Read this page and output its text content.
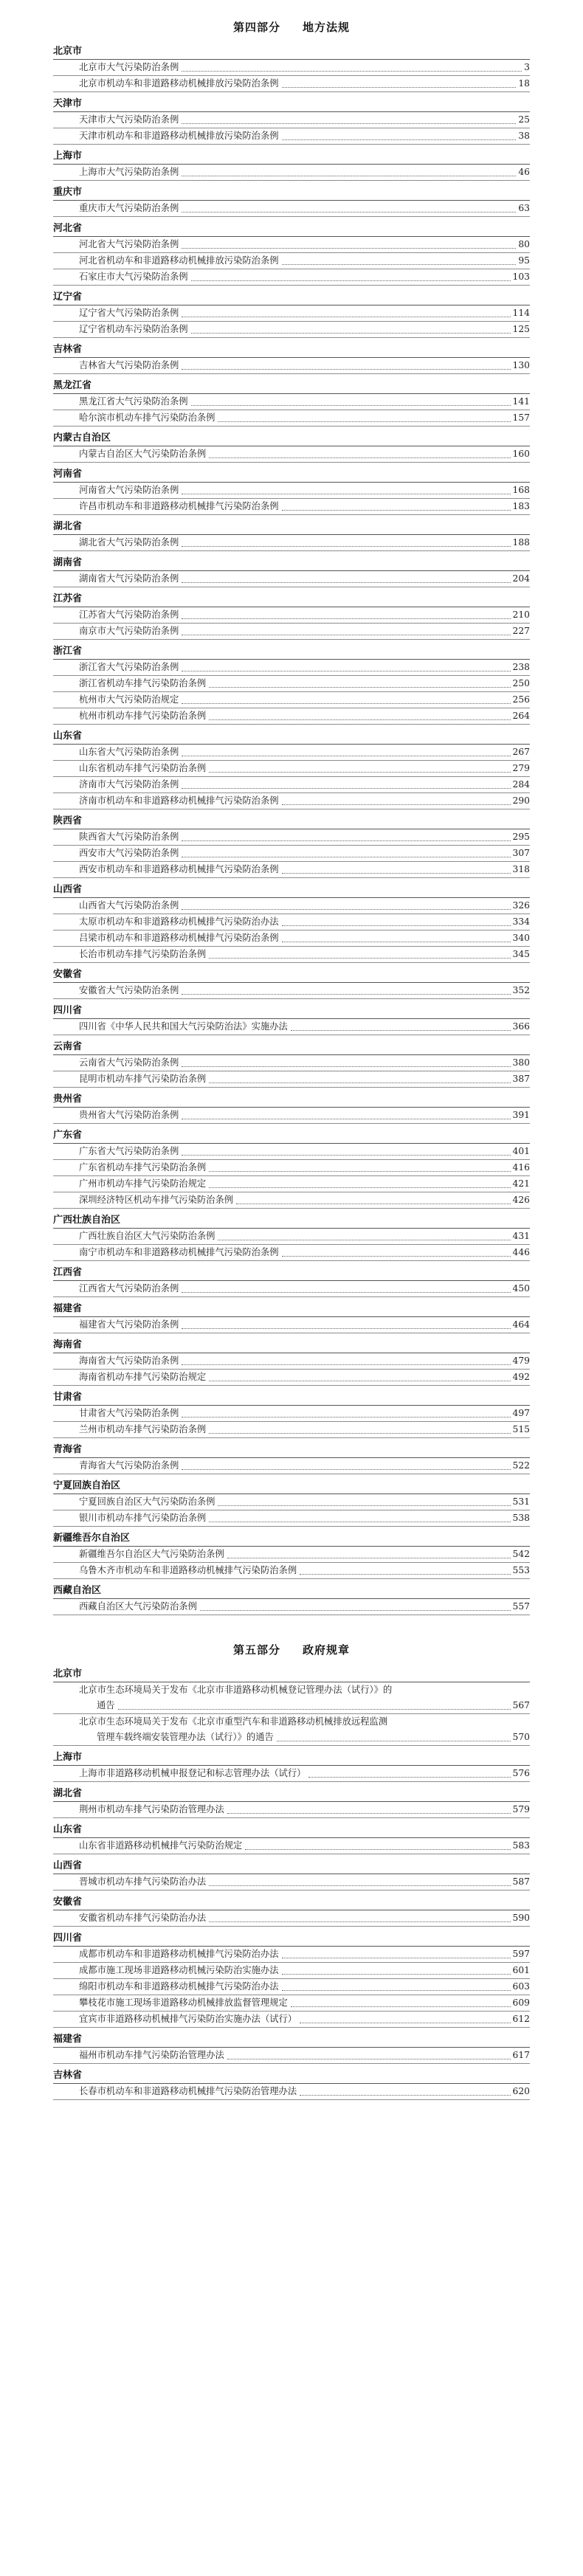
第四部分 地方法规
北京市
北京市大气污染防治条例	3
北京市机动车和非道路移动机械排放污染防治条例	18
天津市
天津市大气污染防治条例	25
天津市机动车和非道路移动机械排放污染防治条例	38
上海市
上海市大气污染防治条例	46
重庆市
重庆市大气污染防治条例	63
河北省
河北省大气污染防治条例	80
河北省机动车和非道路移动机械排放污染防治条例	95
石家庄市大气污染防治条例	103
辽宁省
辽宁省大气污染防治条例	114
辽宁省机动车污染防治条例	125
吉林省
吉林省大气污染防治条例	130
黑龙江省
黑龙江省大气污染防治条例	141
哈尔滨市机动车排气污染防治条例	157
内蒙古自治区
内蒙古自治区大气污染防治条例	160
河南省
河南省大气污染防治条例	168
许昌市机动车和非道路移动机械排气污染防治条例	183
湖北省
湖北省大气污染防治条例	188
湖南省
湖南省大气污染防治条例	204
江苏省
江苏省大气污染防治条例	210
南京市大气污染防治条例	227
浙江省
浙江省大气污染防治条例	238
浙江省机动车排气污染防治条例	250
杭州市大气污染防治规定	256
杭州市机动车排气污染防治条例	264
山东省
山东省大气污染防治条例	267
山东省机动车排气污染防治条例	279
济南市大气污染防治条例	284
济南市机动车和非道路移动机械排气污染防治条例	290
陕西省
陕西省大气污染防治条例	295
西安市大气污染防治条例	307
西安市机动车和非道路移动机械排气污染防治条例	318
山西省
山西省大气污染防治条例	326
太原市机动车和非道路移动机械排气污染防治办法	334
吕梁市机动车和非道路移动机械排气污染防治条例	340
长治市机动车排气污染防治条例	345
安徽省
安徽省大气污染防治条例	352
四川省
四川省《中华人民共和国大气污染防治法》实施办法	366
云南省
云南省大气污染防治条例	380
昆明市机动车排气污染防治条例	387
贵州省
贵州省大气污染防治条例	391
广东省
广东省大气污染防治条例	401
广东省机动车排气污染防治条例	416
广州市机动车排气污染防治规定	421
深圳经济特区机动车排气污染防治条例	426
广西壮族自治区
广西壮族自治区大气污染防治条例	431
南宁市机动车和非道路移动机械排气污染防治条例	446
江西省
江西省大气污染防治条例	450
福建省
福建省大气污染防治条例	464
海南省
海南省大气污染防治条例	479
海南省机动车排气污染防治规定	492
甘肃省
甘肃省大气污染防治条例	497
兰州市机动车排气污染防治条例	515
青海省
青海省大气污染防治条例	522
宁夏回族自治区
宁夏回族自治区大气污染防治条例	531
银川市机动车排气污染防治条例	538
新疆维吾尔自治区
新疆维吾尔自治区大气污染防治条例	542
乌鲁木齐市机动车和非道路移动机械排气污染防治条例	553
西藏自治区
西藏自治区大气污染防治条例	557
第五部分 政府规章
北京市
北京市生态环境局关于发布《北京市非道路移动机械登记管理办法（试行）》的
通告	567
北京市生态环境局关于发布《北京市重型汽车和非道路移动机械排放远程监测
管理车载终端安装管理办法（试行）》的通告	570
上海市
上海市非道路移动机械申报登记和标志管理办法（试行）	576
湖北省
荆州市机动车排气污染防治管理办法	579
山东省
山东省非道路移动机械排气污染防治规定	583
山西省
晋城市机动车排气污染防治办法	587
安徽省
安徽省机动车排气污染防治办法	590
四川省
成都市机动车和非道路移动机械排气污染防治办法	597
成都市施工现场非道路移动机械污染防治实施办法	601
绵阳市机动车和非道路移动机械排气污染防治办法	603
攀枝花市施工现场非道路移动机械排放监督管理规定	609
宜宾市非道路移动机械排气污染防治实施办法（试行）	612
福建省
福州市机动车排气污染防治管理办法	617
吉林省
长春市机动车和非道路移动机械排气污染防治管理办法	620
